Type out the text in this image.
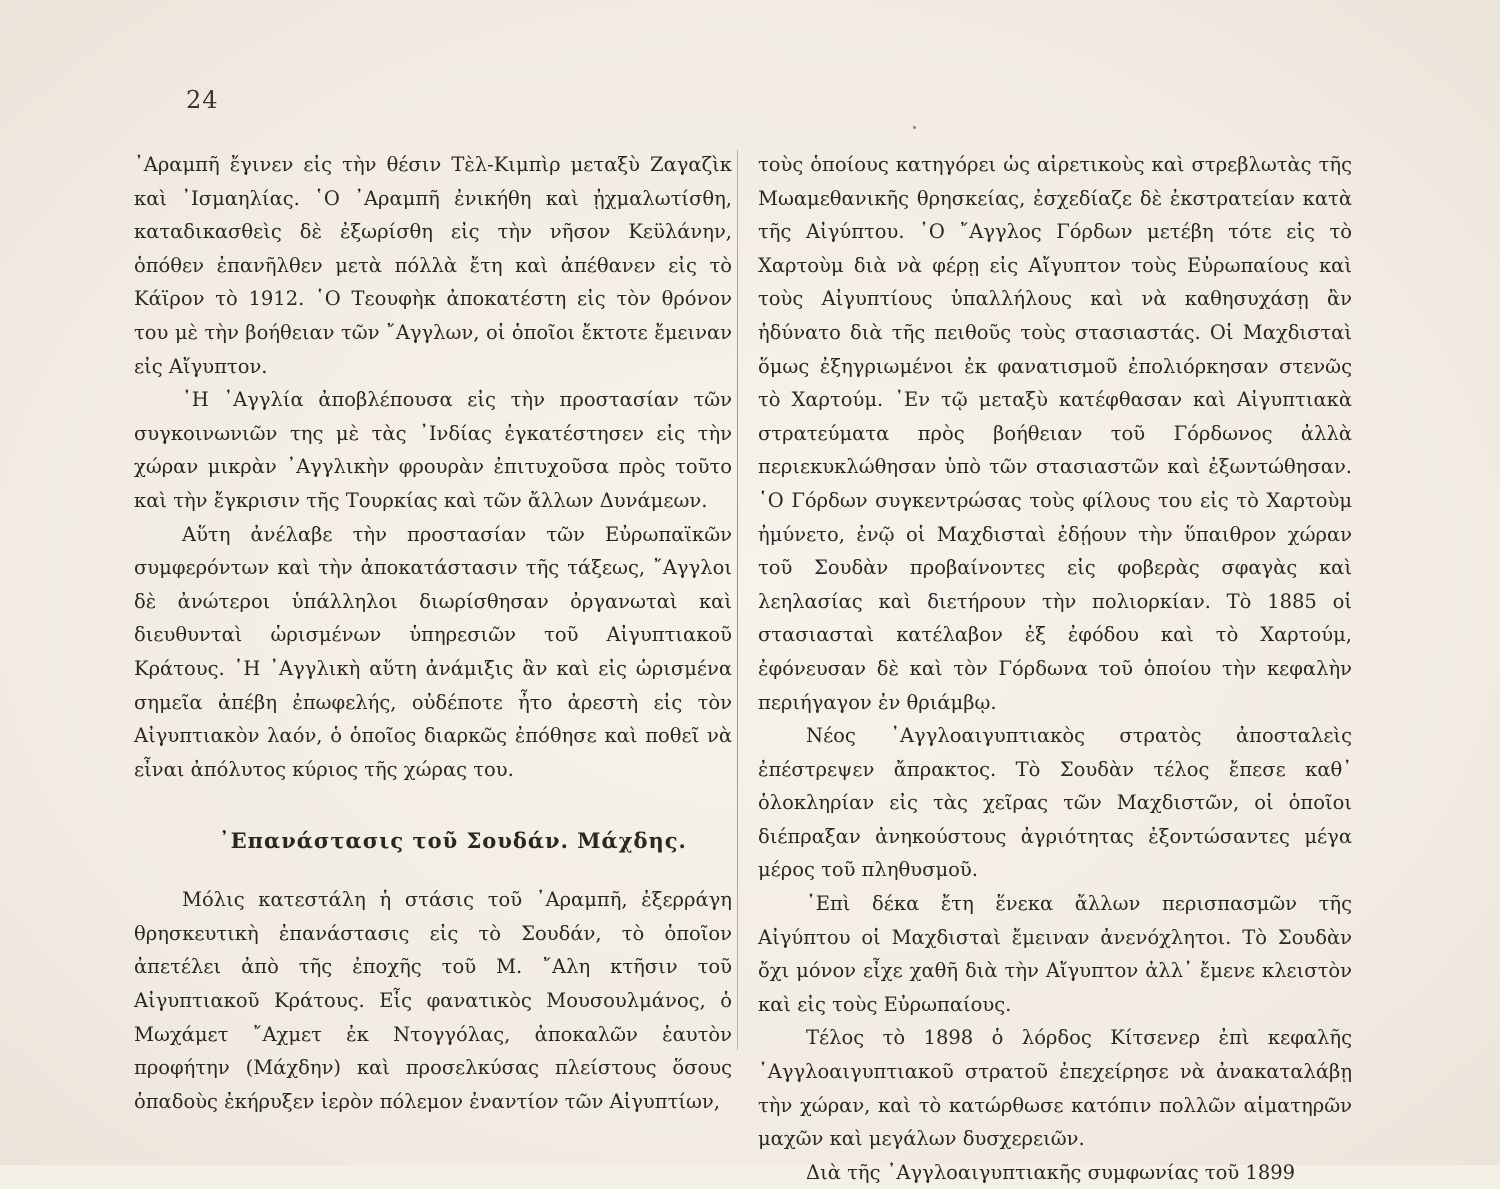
24

᾿Αραμπῆ ἔγινεν εἰς τὴν θέσιν Τὲλ-Κιμπὶρ μεταξὺ Ζαγαζὶκ καὶ ᾿Ισμαηλίας. ῾Ο ᾿Αραμπῆ ἐνικήθη καὶ ᾐχμαλωτίσθη, καταδικασθεὶς δὲ ἐξωρίσθη εἰς τὴν νῆσον Κεϋλάνην, ὁπόθεν ἐπανῆλθεν μετὰ πόλλὰ ἔτη καὶ ἀπέθανεν εἰς τὸ Κάϊρον τὸ 1912. ῾Ο Τεουφὴκ ἀποκατέστη εἰς τὸν θρόνον του μὲ τὴν βοήθειαν τῶν ῎Αγγλων, οἱ ὁποῖοι ἔκτοτε ἔμειναν εἰς Αἴγυπτον.

῾Η ᾿Αγγλία ἀποβλέπουσα εἰς τὴν προστασίαν τῶν συγκοινωνιῶν της μὲ τὰς ᾿Ινδίας ἐγκατέστησεν εἰς τὴν χώραν μικρὰν ᾿Αγγλικὴν φρουρὰν ἐπιτυχοῦσα πρὸς τοῦτο καὶ τὴν ἔγκρισιν τῆς Τουρκίας καὶ τῶν ἄλλων Δυνάμεων.

Αὕτη ἀνέλαβε τὴν προστασίαν τῶν Εὐρωπαϊκῶν συμφερόντων καὶ τὴν ἀποκατάστασιν τῆς τάξεως, ῎Αγγλοι δὲ ἀνώτεροι ὑπάλληλοι διωρίσθησαν ὀργανωταὶ καὶ διευθυνταὶ ὡρισμένων ὑπηρεσιῶν τοῦ Αἰγυπτιακοῦ Κράτους. ῾Η ᾿Αγγλικὴ αὕτη ἀνάμιξις ἂν καὶ εἰς ὡρισμένα σημεῖα ἀπέβη ἐπωφελής, οὐδέποτε ἦτο ἀρεστὴ εἰς τὸν Αἰγυπτιακὸν λαόν, ὁ ὁποῖος διαρκῶς ἐπόθησε καὶ ποθεῖ νὰ εἶναι ἀπόλυτος κύριος τῆς χώρας του.

᾿Επανάστασις τοῦ Σουδάν. Μάχδης.

Μόλις κατεστάλη ἡ στάσις τοῦ ᾿Αραμπῆ, ἐξερράγη θρησκευτικὴ ἐπανάστασις εἰς τὸ Σουδάν, τὸ ὁποῖον ἀπετέλει ἀπὸ τῆς ἐποχῆς τοῦ Μ. ῎Αλη κτῆσιν τοῦ Αἰγυπτιακοῦ Κράτους. Εἷς φανατικὸς Μουσουλμάνος, ὁ Μωχάμετ ῎Αχμετ ἐκ Ντογγόλας, ἀποκαλῶν ἑαυτὸν προφήτην (Μάχδην) καὶ προσελκύσας πλείστους ὅσους ὀπαδοὺς ἐκήρυξεν ἱερὸν πόλεμον ἐναντίον τῶν Αἰγυπτίων,

τοὺς ὁποίους κατηγόρει ὡς αἱρετικοὺς καὶ στρεβλωτὰς τῆς Μωαμεθανικῆς θρησκείας, ἐσχεδίαζε δὲ ἐκστρατείαν κατὰ τῆς Αἰγύπτου. ῾Ο ῎Αγγλος Γόρδων μετέβη τότε εἰς τὸ Χαρτοὺμ διὰ νὰ φέρῃ εἰς Αἴγυπτον τοὺς Εὐρωπαίους καὶ τοὺς Αἰγυπτίους ὑπαλλήλους καὶ νὰ καθησυχάσῃ ἂν ἠδύνατο διὰ τῆς πειθοῦς τοὺς στασιαστάς. Οἱ Μαχδισταὶ ὅμως ἐξηγριωμένοι ἐκ φανατισμοῦ ἐπολιόρκησαν στενῶς τὸ Χαρτούμ. ᾿Εν τῷ μεταξὺ κατέφθασαν καὶ Αἰγυπτιακὰ στρατεύματα πρὸς βοήθειαν τοῦ Γόρδωνος ἀλλὰ περιεκυκλώθησαν ὑπὸ τῶν στασιαστῶν καὶ ἐξωντώθησαν. ῾Ο Γόρδων συγκεντρώσας τοὺς φίλους του εἰς τὸ Χαρτοὺμ ἠμύνετο, ἐνῷ οἱ Μαχδισταὶ ἐδῄουν τὴν ὕπαιθρον χώραν τοῦ Σουδὰν προβαίνοντες εἰς φοβερὰς σφαγὰς καὶ λεηλασίας καὶ διετήρουν τὴν πολιορκίαν. Τὸ 1885 οἱ στασιασταὶ κατέλαβον ἐξ ἐφόδου καὶ τὸ Χαρτούμ, ἐφόνευσαν δὲ καὶ τὸν Γόρδωνα τοῦ ὁποίου τὴν κεφαλὴν περιήγαγον ἐν θριάμβῳ.

Νέος ᾿Αγγλοαιγυπτιακὸς στρατὸς ἀποσταλεὶς ἐπέστρεψεν ἄπρακτος. Τὸ Σουδὰν τέλος ἔπεσε καθ᾿ ὁλοκληρίαν εἰς τὰς χεῖρας τῶν Μαχδιστῶν, οἱ ὁποῖοι διέπραξαν ἀνηκούστους ἀγριότητας ἐξοντώσαντες μέγα μέρος τοῦ πληθυσμοῦ.

᾿Επὶ δέκα ἔτη ἕνεκα ἄλλων περισπασμῶν τῆς Αἰγύπτου οἱ Μαχδισταὶ ἔμειναν ἀνενόχλητοι. Τὸ Σουδὰν ὄχι μόνον εἶχε χαθῆ διὰ τὴν Αἴγυπτον ἀλλ᾿ ἔμενε κλειστὸν καὶ εἰς τοὺς Εὐρωπαίους.

Τέλος τὸ 1898 ὁ λόρδος Κίτσενερ ἐπὶ κεφαλῆς ᾿Αγγλοαιγυπτιακοῦ στρατοῦ ἐπεχείρησε νὰ ἀνακαταλάβῃ τὴν χώραν, καὶ τὸ κατώρθωσε κατόπιν πολλῶν αἱματηρῶν μαχῶν καὶ μεγάλων δυσχερειῶν.

Διὰ τῆς ᾿Αγγλοαιγυπτιακῆς συμφωνίας τοῦ 1899
